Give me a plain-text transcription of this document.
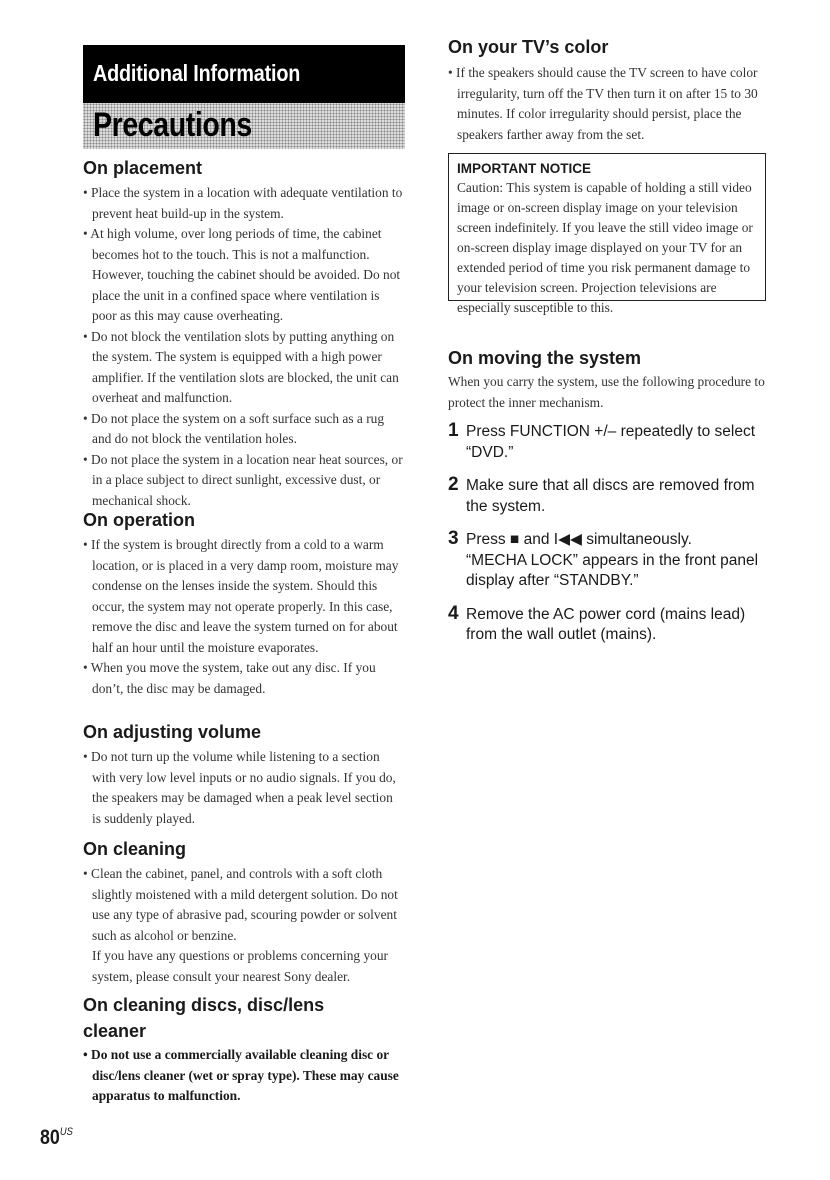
Additional Information
Precautions
On placement

• Place the system in a location with adequate ventilation to prevent heat build-up in the system.

• At high volume, over long periods of time, the cabinet becomes hot to the touch. This is not a malfunction. However, touching the cabinet should be avoided. Do not place the unit in a confined space where ventilation is poor as this may cause overheating.

• Do not block the ventilation slots by putting anything on the system. The system is equipped with a high power amplifier. If the ventilation slots are blocked, the unit can overheat and malfunction.

• Do not place the system on a soft surface such as a rug and do not block the ventilation holes.

• Do not place the system in a location near heat sources, or in a place subject to direct sunlight, excessive dust, or mechanical shock.

On operation

• If the system is brought directly from a cold to a warm location, or is placed in a very damp room, moisture may condense on the lenses inside the system. Should this occur, the system may not operate properly. In this case, remove the disc and leave the system turned on for about half an hour until the moisture evaporates.

• When you move the system, take out any disc. If you don’t, the disc may be damaged.

On adjusting volume

• Do not turn up the volume while listening to a section with very low level inputs or no audio signals. If you do, the speakers may be damaged when a peak level section is suddenly played.

On cleaning

• Clean the cabinet, panel, and controls with a soft cloth slightly moistened with a mild detergent solution. Do not use any type of abrasive pad, scouring powder or solvent such as alcohol or benzine.

If you have any questions or problems concerning your system, please consult your nearest Sony dealer.

On cleaning discs, disc/lens cleaner

• Do not use a commercially available cleaning disc or disc/lens cleaner (wet or spray type). These may cause apparatus to malfunction.

On your TV’s color

• If the speakers should cause the TV screen to have color irregularity, turn off the TV then turn it on after 15 to 30 minutes. If color irregularity should persist, place the speakers farther away from the set.

IMPORTANT NOTICE

Caution: This system is capable of holding a still video image or on-screen display image on your television screen indefinitely. If you leave the still video image or on-screen display image displayed on your TV for an extended period of time you risk permanent damage to your television screen. Projection televisions are especially susceptible to this.

On moving the system

When you carry the system, use the following procedure to protect the inner mechanism.

1 Press FUNCTION +/– repeatedly to select “DVD.”
2 Make sure that all discs are removed from the system.
3 Press ■ and I◀◀ simultaneously.
“MECHA LOCK” appears in the front panel display after “STANDBY.”
4 Remove the AC power cord (mains lead) from the wall outlet (mains).
$80^{US}$
